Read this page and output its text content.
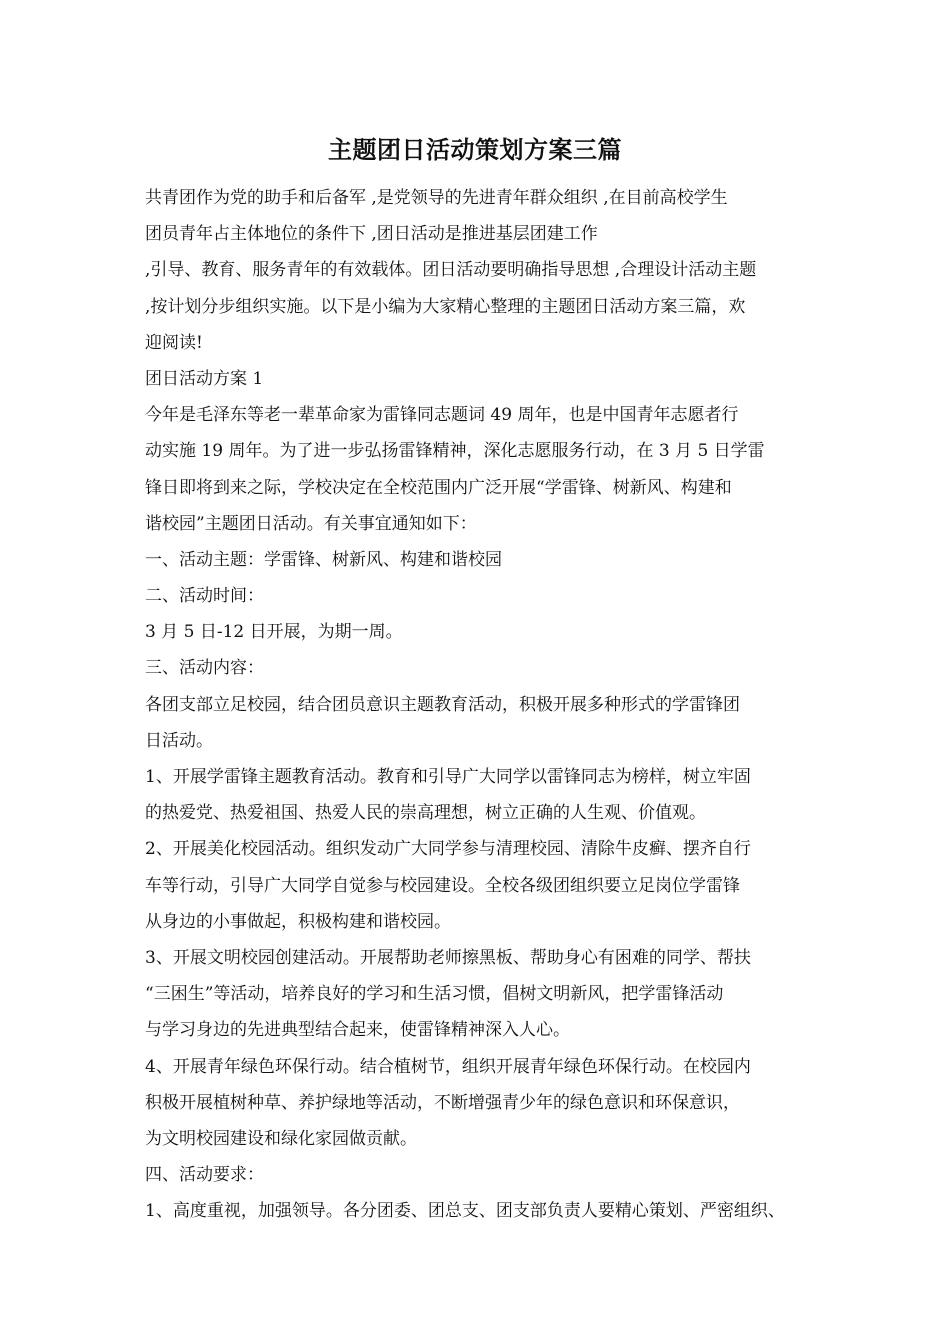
主题团日活动策划方案三篇
共青团作为党的助手和后备军 ,是党领导的先进青年群众组织 ,在目前高校学生
团员青年占主体地位的条件下 ,团日活动是推进基层团建工作
,引导、教育、服务青年的有效载体。团日活动要明确指导思想 ,合理设计活动主题
,按计划分步组织实施。以下是小编为大家精心整理的主题团日活动方案三篇，欢
迎阅读!
团日活动方案 1
今年是毛泽东等老一辈革命家为雷锋同志题词 49 周年，也是中国青年志愿者行
动实施 19 周年。为了进一步弘扬雷锋精神，深化志愿服务行动，在 3 月 5 日学雷
锋日即将到来之际，学校决定在全校范围内广泛开展“学雷锋、树新风、构建和
谐校园”主题团日活动。有关事宜通知如下：
一、活动主题：学雷锋、树新风、构建和谐校园
二、活动时间：
3 月 5 日-12 日开展，为期一周。
三、活动内容：
各团支部立足校园，结合团员意识主题教育活动，积极开展多种形式的学雷锋团
日活动。
1、开展学雷锋主题教育活动。教育和引导广大同学以雷锋同志为榜样，树立牢固
的热爱党、热爱祖国、热爱人民的崇高理想，树立正确的人生观、价值观。
2、开展美化校园活动。组织发动广大同学参与清理校园、清除牛皮癣、摆齐自行
车等行动，引导广大同学自觉参与校园建设。全校各级团组织要立足岗位学雷锋
从身边的小事做起，积极构建和谐校园。
3、开展文明校园创建活动。开展帮助老师擦黑板、帮助身心有困难的同学、帮扶
“三困生”等活动，培养良好的学习和生活习惯，倡树文明新风，把学雷锋活动
与学习身边的先进典型结合起来，使雷锋精神深入人心。
4、开展青年绿色环保行动。结合植树节，组织开展青年绿色环保行动。在校园内
积极开展植树种草、养护绿地等活动，不断增强青少年的绿色意识和环保意识，
为文明校园建设和绿化家园做贡献。
四、活动要求：
1、高度重视，加强领导。各分团委、团总支、团支部负责人要精心策划、严密组织、
